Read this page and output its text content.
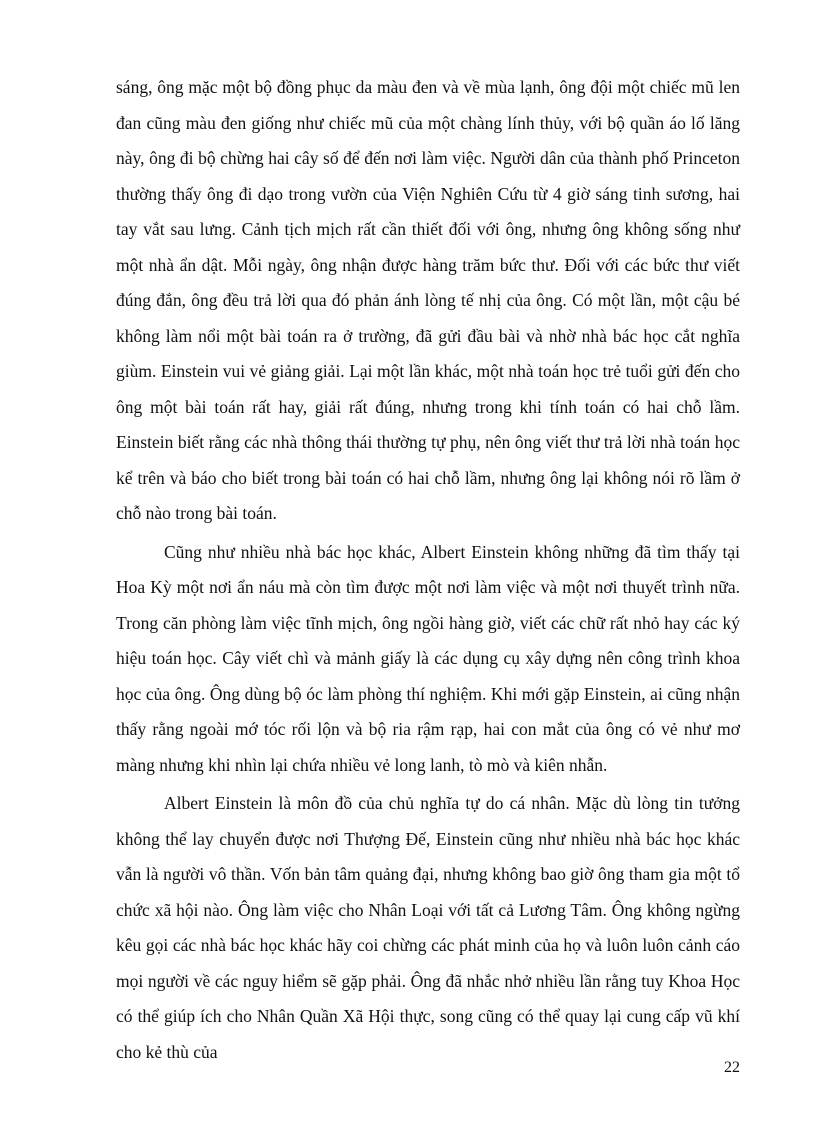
sáng, ông mặc một bộ đồng phục da màu đen và về mùa lạnh, ông đội một chiếc mũ len đan cũng màu đen giống như chiếc mũ của một chàng lính thủy, với bộ quần áo lố lăng này, ông đi bộ chừng hai cây số để đến nơi làm việc. Người dân của thành phố Princeton thường thấy ông đi dạo trong vườn của Viện Nghiên Cứu từ 4 giờ sáng tinh sương, hai tay vắt sau lưng. Cảnh tịch mịch rất cần thiết đối với ông, nhưng ông không sống như một nhà ẩn dật. Mỗi ngày, ông nhận được hàng trăm bức thư. Đối với các bức thư viết đúng đắn, ông đều trả lời qua đó phản ánh lòng tế nhị của ông. Có một lần, một cậu bé không làm nổi một bài toán ra ở trường, đã gửi đầu bài và nhờ nhà bác học cắt nghĩa giùm. Einstein vui vẻ giảng giải. Lại một lần khác, một nhà toán học trẻ tuổi gửi đến cho ông một bài toán rất hay, giải rất đúng, nhưng trong khi tính toán có hai chỗ lầm. Einstein biết rằng các nhà thông thái thường tự phụ, nên ông viết thư trả lời nhà toán học kể trên và báo cho biết trong bài toán có hai chỗ lầm, nhưng ông lại không nói rõ lầm ở chỗ nào trong bài toán.

Cũng như nhiều nhà bác học khác, Albert Einstein không những đã tìm thấy tại Hoa Kỳ một nơi ẩn náu mà còn tìm được một nơi làm việc và một nơi thuyết trình nữa. Trong căn phòng làm việc tĩnh mịch, ông ngồi hàng giờ, viết các chữ rất nhỏ hay các ký hiệu toán học. Cây viết chì và mảnh giấy là các dụng cụ xây dựng nên công trình khoa học của ông. Ông dùng bộ óc làm phòng thí nghiệm. Khi mới gặp Einstein, ai cũng nhận thấy rằng ngoài mớ tóc rối lộn và bộ ria rậm rạp, hai con mắt của ông có vẻ như mơ màng nhưng khi nhìn lại chứa nhiều vẻ long lanh, tò mò và kiên nhẫn.

Albert Einstein là môn đồ của chủ nghĩa tự do cá nhân. Mặc dù lòng tin tưởng không thể lay chuyển được nơi Thượng Đế, Einstein cũng như nhiều nhà bác học khác vẫn là người vô thần. Vốn bản tâm quảng đại, nhưng không bao giờ ông tham gia một tổ chức xã hội nào. Ông làm việc cho Nhân Loại với tất cả Lương Tâm. Ông không ngừng kêu gọi các nhà bác học khác hãy coi chừng các phát minh của họ và luôn luôn cảnh cáo mọi người về các nguy hiểm sẽ gặp phải. Ông đã nhắc nhở nhiều lần rằng tuy Khoa Học có thể giúp ích cho Nhân Quần Xã Hội thực, song cũng có thể quay lại cung cấp vũ khí cho kẻ thù của

22
